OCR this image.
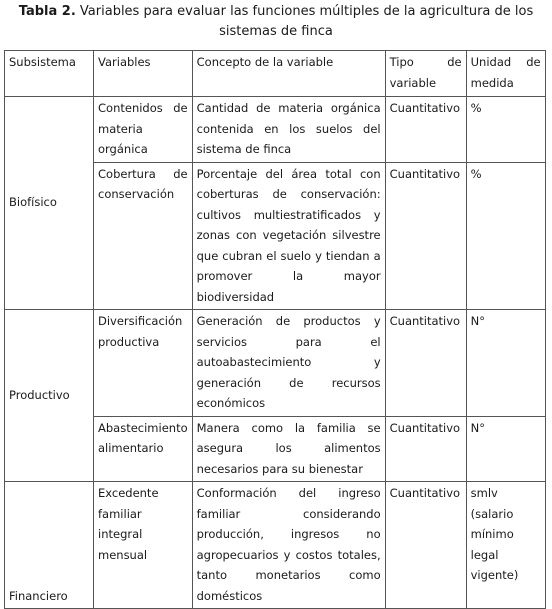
Tabla 2. Variables para evaluar las funciones múltiples de la agricultura de los sistemas de finca
Subsistema	Variables	Concepto de la variable	Tipo de variable	Unidad de medida
Biofísico	Contenidos de materia orgánica	Cantidad de materia orgánica contenida en los suelos del sistema de finca	Cuantitativo	%
	Cobertura de conservación	Porcentaje del área total con coberturas de conservación: cultivos multiestratificados y zonas con vegetación silvestre que cubran el suelo y tiendan a promover la mayor biodiversidad	Cuantitativo	%
Productivo	Diversificación productiva	Generación de productos y servicios para el autoabastecimiento y generación de recursos económicos	Cuantitativo	N°
	Abastecimiento alimentario	Manera como la familia se asegura los alimentos necesarios para su bienestar	Cuantitativo	N°
Financiero	Excedente familiar integral mensual	Conformación del ingreso familiar considerando producción, ingresos no agropecuarios y costos totales, tanto monetarios como domésticos	Cuantitativo	smlv (salario mínimo legal vigente)
